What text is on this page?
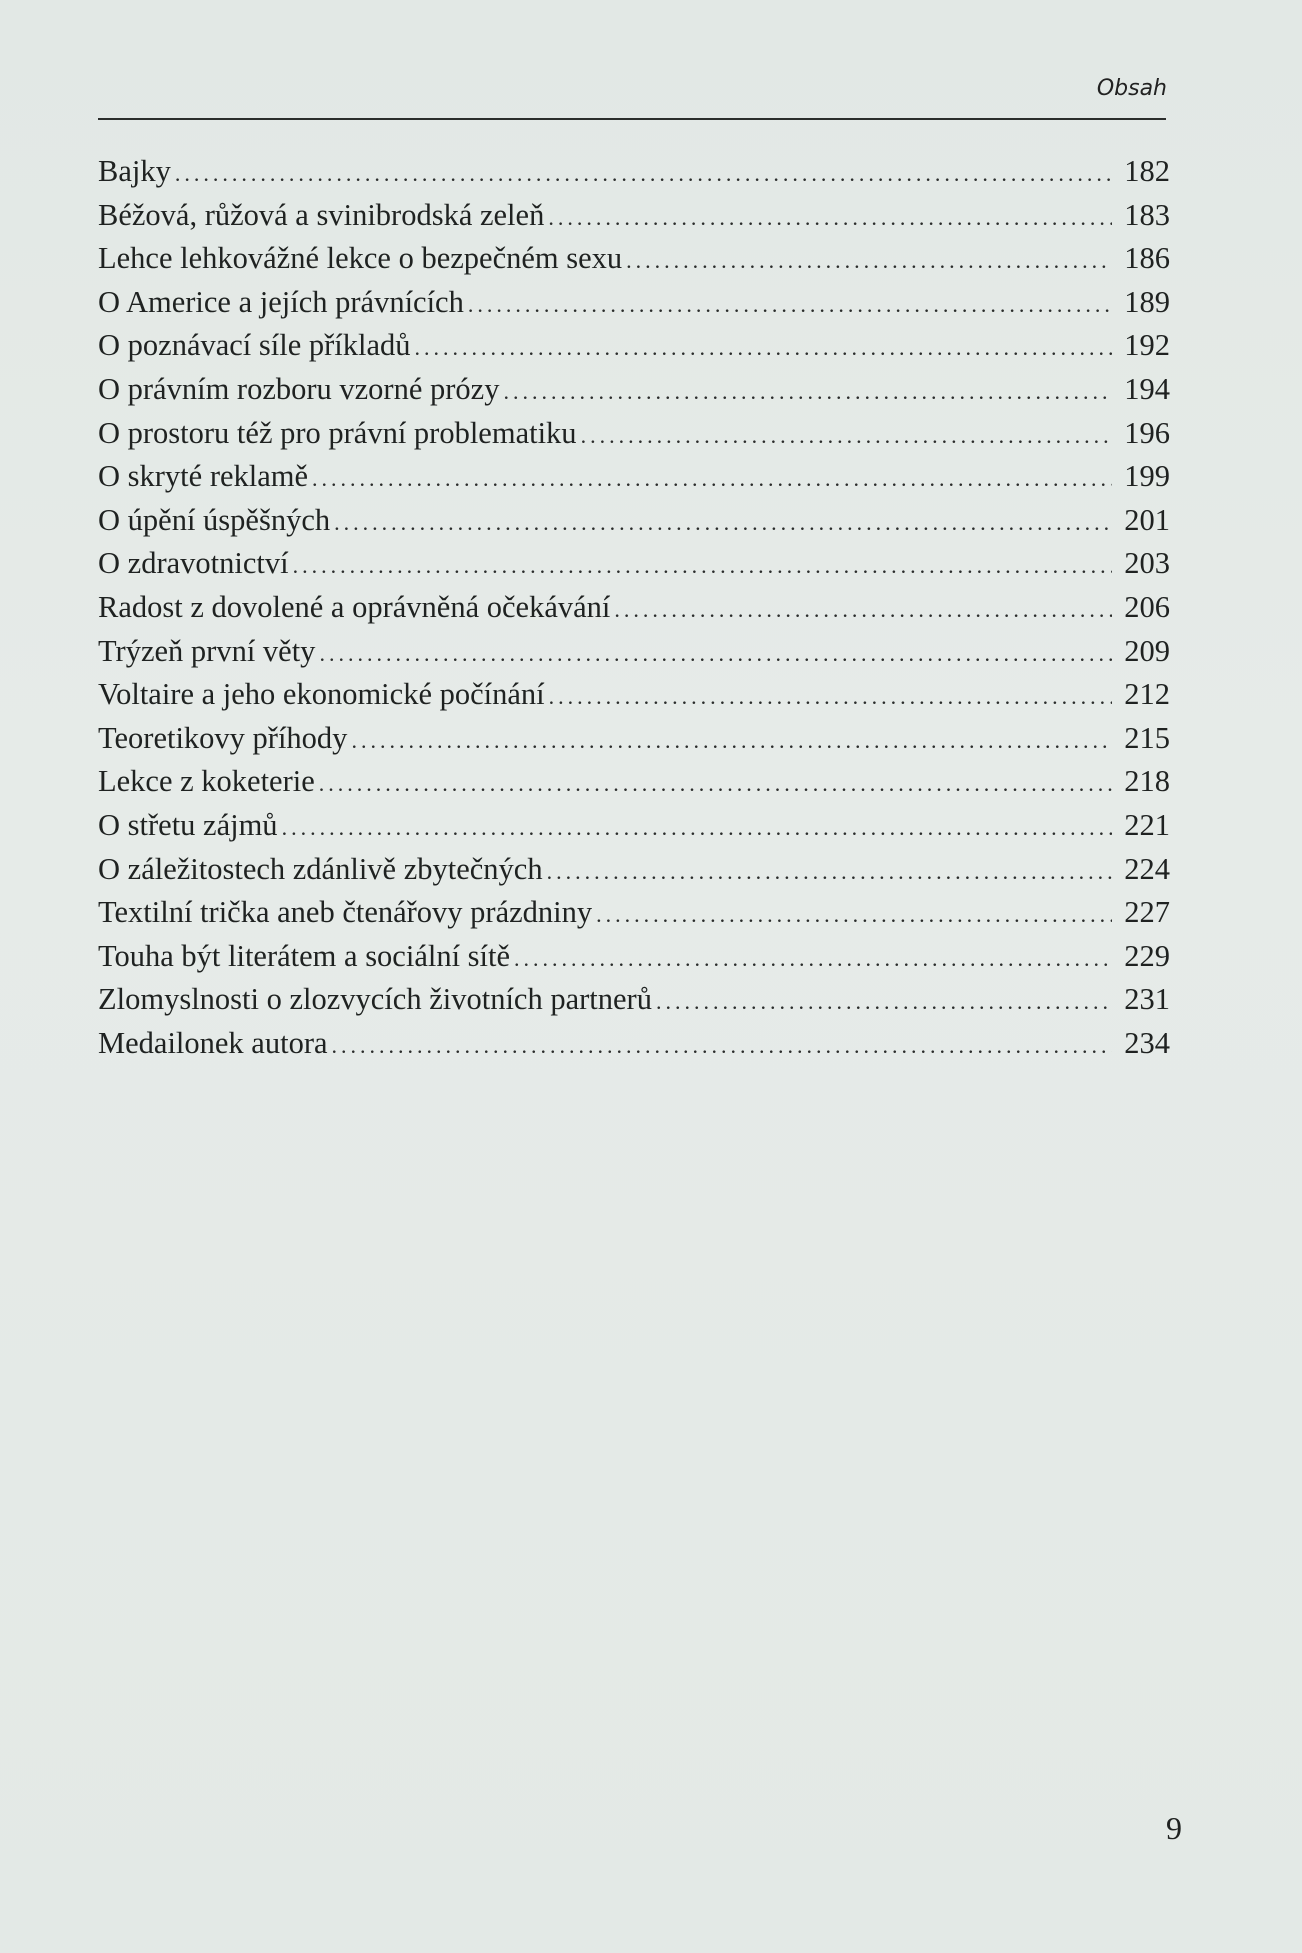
Obsah
Bajky .....	182
Béžová, růžová a svinibrodská zeleň .....	183
Lehce lehkovážné lekce o bezpečném sexu .....	186
O Americe a jejích právnících .....	189
O poznávací síle příkladů .....	192
O právním rozboru vzorné prózy .....	194
O prostoru též pro právní problematiku .....	196
O skryté reklamě .....	199
O úpění úspěšných .....	201
O zdravotnictví .....	203
Radost z dovolené a oprávněná očekávání .....	206
Trýzeň první věty .....	209
Voltaire a jeho ekonomické počínání .....	212
Teoretikovy příhody .....	215
Lekce z koketerie .....	218
O střetu zájmů .....	221
O záležitostech zdánlivě zbytečných .....	224
Textilní trička aneb čtenářovy prázdniny .....	227
Touha být literátem a sociální sítě .....	229
Zlomyslnosti o zlozvycích životních partnerů .....	231
Medailonek autora .....	234
9
